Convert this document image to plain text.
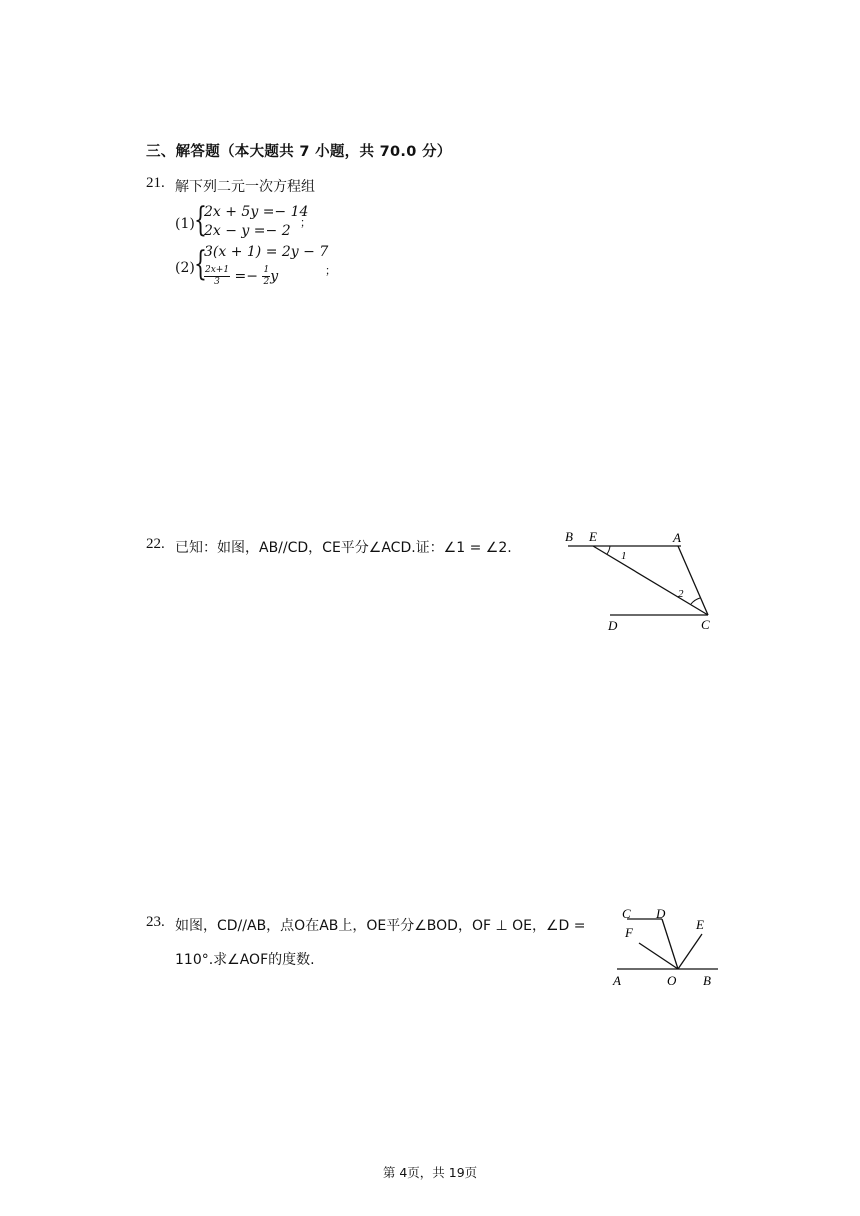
三、解答题（本大题共 7 小题，共 70.0 分）
21. 解下列二元一次方程组
(1) {
2x + 5y =− 14
2x − y =− 2
；
(2) {
3(x + 1) = 2y − 7
$\frac{2x+1}{3} =- \frac{1}{2}$ y	；
22. 已知：如图，AB//CD，CE平分∠ACD.证：∠1 = ∠2.
B E	A
1
2
D	C
23. 如图，CD//AB，点O在AB上，OE平分∠BOD，OF ⊥ OE，∠D =
110°.求∠AOF的度数.
C D
E
F
A	O B
第 4页，共 19页
